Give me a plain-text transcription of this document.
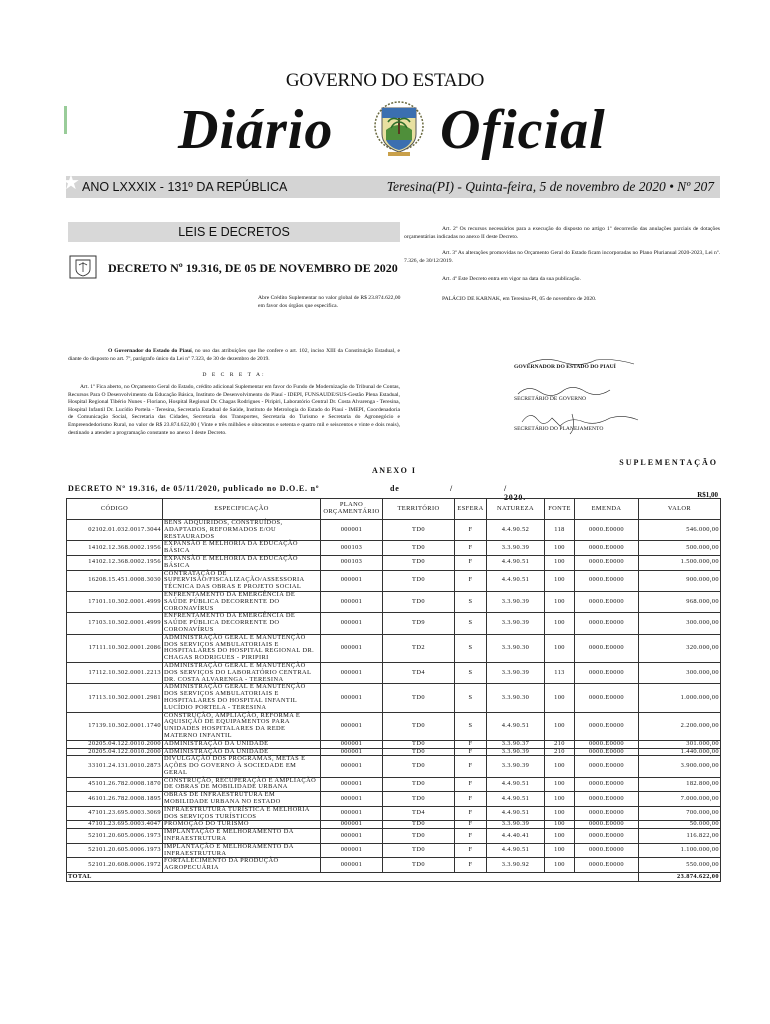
GOVERNO DO ESTADO
Diário Oficial
★ ANO LXXXIX - 131º DA REPÚBLICA	Teresina(PI) - Quinta-feira, 5 de novembro de 2020 • Nº 207
LEIS E DECRETOS
DECRETO Nº 19.316, DE 05 DE NOVEMBRO DE 2020
Abre Crédito Suplementar no valor global de R$ 23.874.622,00 em favor dos órgãos que especifica.
O Governador do Estado do Piauí, no uso das atribuições que lhe confere o art. 102, inciso XIII da Constituição Estadual, e diante do disposto no art. 7º, parágrafo único da Lei nº 7.323, de 30 de dezembro de 2019.
D E C R E T A:
Art. 1º Fica aberto, no Orçamento Geral do Estado, crédito adicional Suplementar em favor do Fundo de Modernização do Tribunal de Contas, Recursos Para O Desenvolvimento da Educação Básica, Instituto de Desenvolvimento do Piauí - IDEPI, FUNSAUDE/SUS-Gestão Plena Estadual, Hospital Regional Tibério Nunes - Floriano, Hospital Regional Dr. Chagas Rodrigues - Piripiri, Laboratório Central Dr. Costa Alvarenga - Teresina, Hospital Infantil Dr. Lucídio Portela - Teresina, Secretaria Estadual de Saúde, Instituto de Metrologia do Estado do Piauí - IMEPI, Coordenadoria de Comunicação Social, Secretaria das Cidades, Secretaria dos Transportes, Secretaria do Turismo e Secretaria do Agronegócio e Empreendedorismo Rural, no valor de R$ 23.874.622,00 ( Vinte e três milhões e oitocentos e setenta e quatro mil e seiscentos e vinte e dois reais), destinado a atender a programação constante no anexo I deste Decreto.
Art. 2º Os recursos necessários para a execução do disposto no artigo 1º decorrerão das anulações parciais de dotações orçamentárias indicadas no anexo II deste Decreto.
Art. 3º As alterações promovidas no Orçamento Geral do Estado ficam incorporadas no Plano Plurianual 2020-2023, Lei nº. 7.326, de 30/12/2019.
Art. 4º Este Decreto entra em vigor na data da sua publicação.
PALÁCIO DE KARNAK, em Teresina-PI, 05 de novembro de 2020.
GOVERNADOR DO ESTADO DO PIAUÍ
SECRETÁRIO DE GOVERNO
SECRETÁRIO DO PLANEJAMENTO
SUPLEMENTAÇÃO
ANEXO I
DECRETO Nº 19.316, de 05/11/2020, publicado no D.O.E. nº	de	/	/ 2020.	R$1,00
CÓDIGO	ESPECIFICAÇÃO	PLANO ORÇAMENTÁRIO	TERRITÓRIO	ESFERA	NATUREZA	FONTE	EMENDA	VALOR
02102.01.032.0017.3044	BENS ADQUIRIDOS, CONSTRUÍDOS, ADAPTADOS, REFORMADOS E/OU RESTAURADOS	000001	TD0	F	4.4.90.52	118	0000.E0000	546.000,00
14102.12.368.0002.1956	EXPANSÃO E MELHORIA DA EDUCAÇÃO BÁSICA	000103	TD0	F	3.3.90.39	100	0000.E0000	500.000,00
14102.12.368.0002.1956	EXPANSÃO E MELHORIA DA EDUCAÇÃO BÁSICA	000103	TD0	F	4.4.90.51	100	0000.E0000	1.500.000,00
16208.15.451.0008.3030	CONTRATAÇÃO DE SUPERVISÃO/FISCALIZAÇÃO/ASSESSORIA TÉCNICA DAS OBRAS E PROJETO SOCIAL	000001	TD0	F	4.4.90.51	100	0000.E0000	900.000,00
17101.10.302.0001.4999	ENFRENTAMENTO DA EMERGÊNCIA DE SAÚDE PÚBLICA DECORRENTE DO CORONAVÍRUS	000001	TD0	S	3.3.90.39	100	0000.E0000	968.000,00
17103.10.302.0001.4999	ENFRENTAMENTO DA EMERGÊNCIA DE SAÚDE PÚBLICA DECORRENTE DO CORONAVÍRUS	000001	TD9	S	3.3.90.39	100	0000.E0000	300.000,00
17111.10.302.0001.2086	ADMINISTRAÇÃO GERAL E MANUTENÇÃO DOS SERVIÇOS AMBULATORIAIS E HOSPITALARES DO HOSPITAL REGIONAL DR. CHAGAS RODRIGUES - PIRIPIRI	000001	TD2	S	3.3.90.30	100	0000.E0000	320.000,00
17112.10.302.0001.2213	ADMINISTRAÇÃO GERAL E MANUTENÇÃO DOS SERVIÇOS DO LABORATÓRIO CENTRAL DR. COSTA ALVARENGA - TERESINA	000001	TD4	S	3.3.90.39	113	0000.E0000	300.000,00
17113.10.302.0001.2981	ADMINISTRAÇÃO GERAL E MANUTENÇÃO DOS SERVIÇOS AMBULATORIAIS E HOSPITALARES DO HOSPITAL INFANTIL LUCÍDIO PORTELA - TERESINA	000001	TD0	S	3.3.90.30	100	0000.E0000	1.000.000,00
17139.10.302.0001.1740	CONSTRUÇÃO, AMPLIAÇÃO, REFORMA E AQUISIÇÃO DE EQUIPAMENTOS PARA UNIDADES HOSPITALARES DA REDE MATERNO INFANTIL	000001	TD0	S	4.4.90.51	100	0000.E0000	2.200.000,00
20205.04.122.0010.2000	ADMINISTRAÇÃO DA UNIDADE	000001	TD0	F	3.3.90.37	210	0000.E0000	301.000,00
20205.04.122.0010.2000	ADMINISTRAÇÃO DA UNIDADE	000001	TD0	F	3.3.90.39	210	0000.E0000	1.440.000,00
33101.24.131.0010.2873	DIVULGAÇÃO DOS PROGRAMAS, METAS E AÇÕES DO GOVERNO À SOCIEDADE EM GERAL	000001	TD0	F	3.3.90.39	100	0000.E0000	3.900.000,00
45101.26.782.0008.1870	CONSTRUÇÃO, RECUPERAÇÃO E AMPLIAÇÃO DE OBRAS DE MOBILIDADE URBANA	000001	TD0	F	4.4.90.51	100	0000.E0000	182.800,00
46101.26.782.0008.1895	OBRAS DE INFRAESTRUTURA EM MOBILIDADE URBANA NO ESTADO	000001	TD0	F	4.4.90.51	100	0000.E0000	7.000.000,00
47101.23.695.0003.3069	INFRAESTRUTURA TURÍSTICA E MELHORIA DOS SERVIÇOS TURÍSTICOS	000001	TD4	F	4.4.90.51	100	0000.E0000	700.000,00
47101.23.695.0003.4047	PROMOÇÃO DO TURISMO	000001	TD0	F	3.3.90.39	100	0000.E0000	50.000,00
52101.20.605.0006.1973	IMPLANTAÇÃO E MELHORAMENTO DA INFRAESTRUTURA	000001	TD0	F	4.4.40.41	100	0000.E0000	116.822,00
52101.20.605.0006.1973	IMPLANTAÇÃO E MELHORAMENTO DA INFRAESTRUTURA	000001	TD0	F	4.4.90.51	100	0000.E0000	1.100.000,00
52101.20.608.0006.1972	FORTALECIMENTO DA PRODUÇÃO AGROPECUÁRIA	000001	TD0	F	3.3.90.92	100	0000.E0000	550.000,00
TOTAL								23.874.622,00
